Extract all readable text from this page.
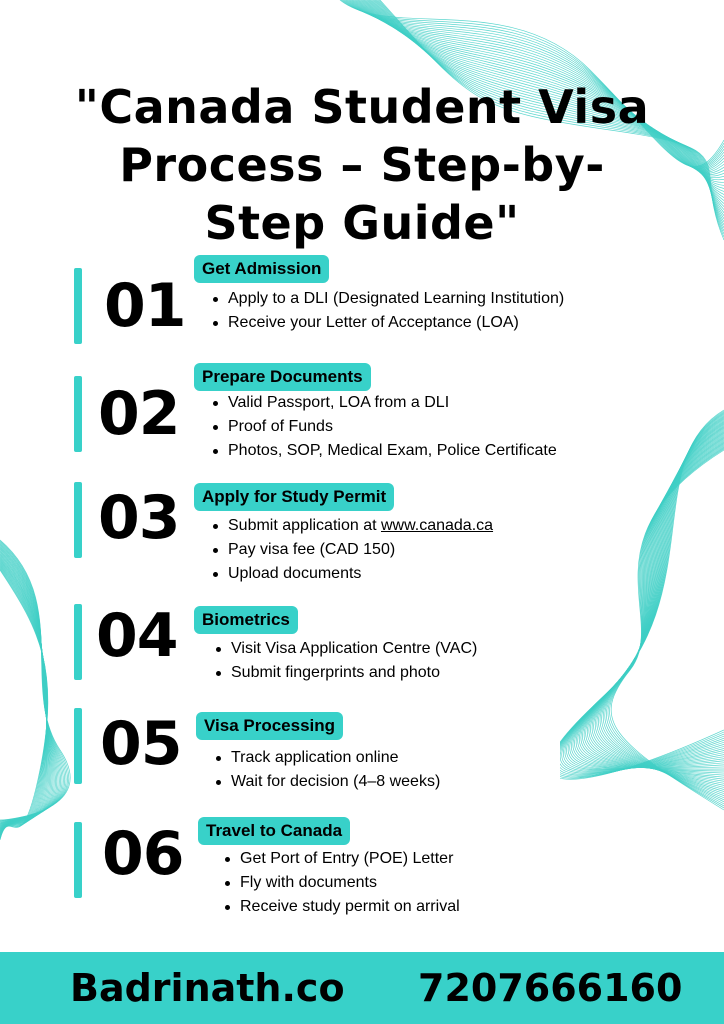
"Canada Student Visa
Process – Step-by-
Step Guide"
01
Get Admission
Apply to a DLI (Designated Learning Institution)
Receive your Letter of Acceptance (LOA)
02
Prepare Documents
Valid Passport, LOA from a DLI
Proof of Funds
Photos, SOP, Medical Exam, Police Certificate
03	Apply for Study Permit
Submit application at www.canada.ca
Pay visa fee (CAD 150)
Upload documents
04	Biometrics
Visit Visa Application Centre (VAC)
Submit fingerprints and photo
05	Visa Processing
Track application online
Wait for decision (4–8 weeks)
06	Travel to Canada
Get Port of Entry (POE) Letter
Fly with documents
Receive study permit on arrival
Badrinath.co 7207666160
